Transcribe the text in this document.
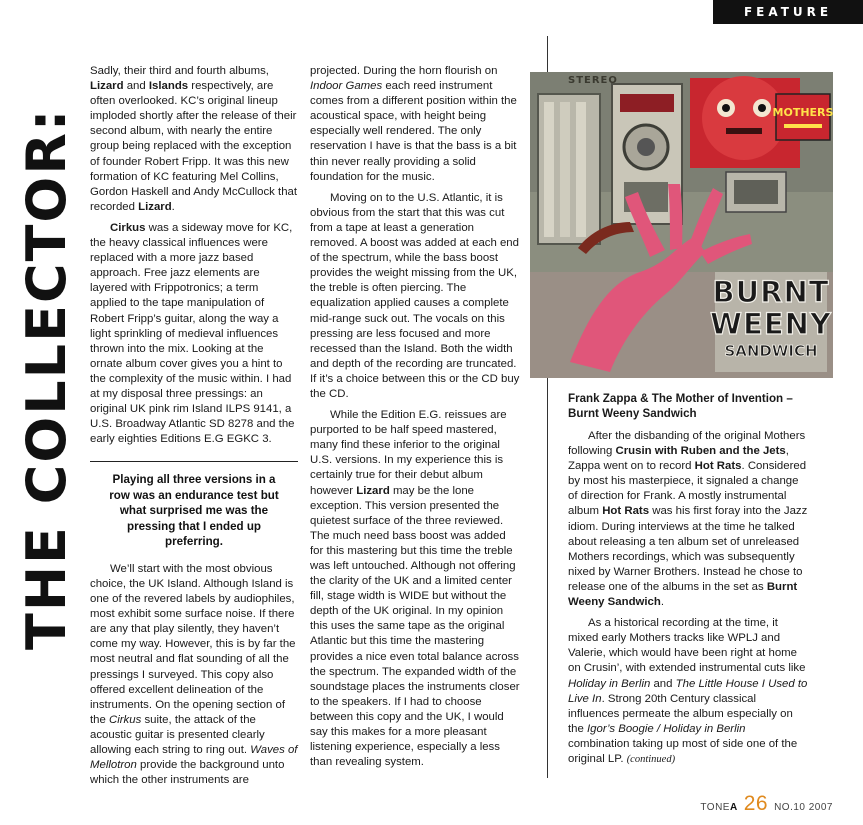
FEATURE
THE COLLECTOR:

Sadly, their third and fourth albums, Lizard and Islands respectively, are often overlooked. KC’s original lineup imploded shortly after the release of their second album, with nearly the entire group being replaced with the exception of founder Robert Fripp. It was this new formation of KC featuring Mel Collins, Gordon Haskell and Andy McCullock that recorded Lizard.

Cirkus was a sideway move for KC, the heavy classical influences were replaced with a more jazz based approach. Free jazz elements are layered with Frippotronics; a term applied to the tape manipulation of Robert Fripp’s guitar, along the way a light sprinkling of medieval influences thrown into the mix. Looking at the ornate album cover gives you a hint to the complexity of the music within. I had at my disposal three pressings: an original UK pink rim Island ILPS 9141, a U.S. Broadway Atlantic SD 8278 and the early eighties Editions E.G EGKC 3.

Playing all three versions in a row was an endurance test but what surprised me was the pressing that I ended up preferring.

We’ll start with the most obvious choice, the UK Island. Although Island is one of the revered labels by audiophiles, most exhibit some surface noise. If there are any that play silently, they haven’t come my way. However, this is by far the most neutral and flat sounding of all the pressings I surveyed. This copy also offered excellent delineation of the instruments. On the opening section of the Cirkus suite, the attack of the acoustic guitar is presented clearly allowing each string to ring out. Waves of Mellotron provide the background unto which the other instruments are

projected. During the horn flourish on Indoor Games each reed instrument comes from a different position within the acoustical space, with height being especially well rendered. The only reservation I have is that the bass is a bit thin never really providing a solid foundation for the music.

Moving on to the U.S. Atlantic, it is obvious from the start that this was cut from a tape at least a generation removed. A boost was added at each end of the spectrum, while the bass boost provides the weight missing from the UK, the treble is often piercing. The equalization applied causes a complete mid-range suck out. The vocals on this pressing are less focused and more recessed than the Island. Both the width and depth of the recording are truncated. If it’s a choice between this or the CD buy the CD.

While the Edition E.G. reissues are purported to be half speed mastered, many find these inferior to the original U.S. versions. In my experience this is certainly true for their debut album however Lizard may be the lone exception. This version presented the quietest surface of the three reviewed. The much need bass boost was added for this mastering but this time the treble was left untouched. Although not offering the clarity of the UK and a limited center fill, stage width is WIDE but without the depth of the UK original. In my opinion this uses the same tape as the original Atlantic but this time the mastering provides a nice even total balance across the spectrum. The expanded width of the soundstage places the instruments closer to the speakers. If I had to choose between this copy and the UK, I would say this makes for a more pleasant listening experience, especially a less than revealing system.

MOTHERS
STEREO
BURNT
WEENY
SANDWICH
Frank Zappa & The Mother of Invention – Burnt Weeny Sandwich

After the disbanding of the original Mothers following Crusin with Ruben and the Jets, Zappa went on to record Hot Rats. Considered by most his masterpiece, it signaled a change of direction for Frank. A mostly instrumental album Hot Rats was his first foray into the Jazz idiom. During interviews at the time he talked about releasing a ten album set of unreleased Mothers recordings, which was subsequently nixed by Warner Brothers. Instead he chose to release one of the albums in the set as Burnt Weeny Sandwich.

As a historical recording at the time, it mixed early Mothers tracks like WPLJ and Valerie, which would have been right at home on Crusin’, with extended instrumental cuts like Holiday in Berlin and The Little House I Used to Live In. Strong 20th Century classical influences permeate the album especially on the Igor’s Boogie / Holiday in Berlin combination taking up most of side one of the original LP. (continued)

TONEA 26 NO.10 2007
